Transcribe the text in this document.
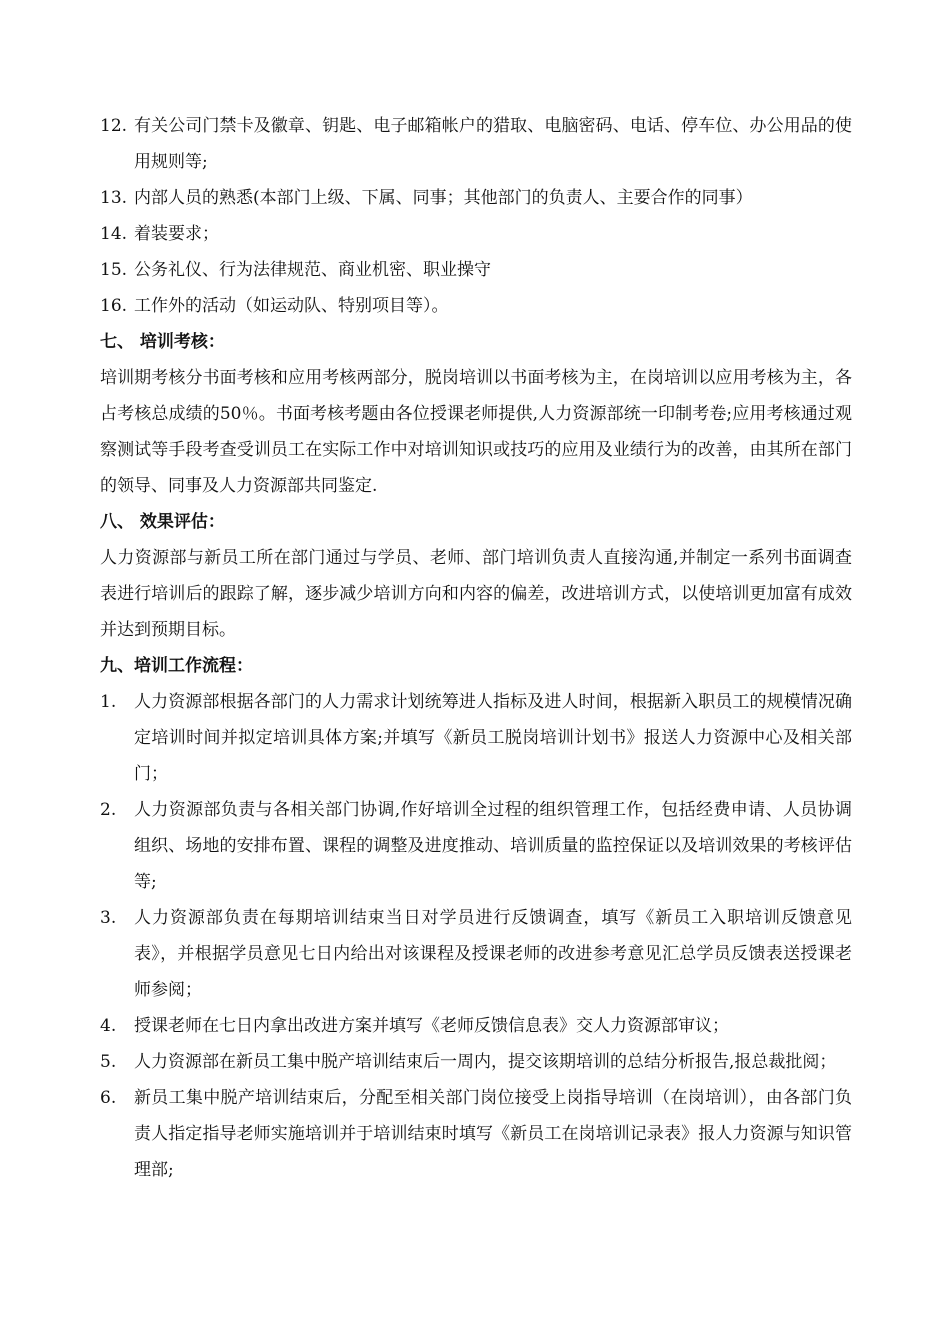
12. 有关公司门禁卡及徽章、钥匙、电子邮箱帐户的猎取、电脑密码、电话、停车位、办公用品的使用规则等;
13. 内部人员的熟悉(本部门上级、下属、同事；其他部门的负责人、主要合作的同事）
14. 着装要求；
15. 公务礼仪、行为法律规范、商业机密、职业操守
16. 工作外的活动（如运动队、特别项目等）。
七、 培训考核：
培训期考核分书面考核和应用考核两部分，脱岗培训以书面考核为主，在岗培训以应用考核为主，各占考核总成绩的50％。书面考核考题由各位授课老师提供,人力资源部统一印制考卷;应用考核通过观察测试等手段考查受训员工在实际工作中对培训知识或技巧的应用及业绩行为的改善，由其所在部门的领导、同事及人力资源部共同鉴定.
八、 效果评估：
人力资源部与新员工所在部门通过与学员、老师、部门培训负责人直接沟通,并制定一系列书面调查表进行培训后的跟踪了解，逐步减少培训方向和内容的偏差，改进培训方式，以使培训更加富有成效并达到预期目标。
九、培训工作流程：
1.	人力资源部根据各部门的人力需求计划统筹进人指标及进人时间，根据新入职员工的规模情况确定培训时间并拟定培训具体方案;并填写《新员工脱岗培训计划书》报送人力资源中心及相关部门；
2.	人力资源部负责与各相关部门协调,作好培训全过程的组织管理工作，包括经费申请、人员协调组织、场地的安排布置、课程的调整及进度推动、培训质量的监控保证以及培训效果的考核评估等;
3.	人力资源部负责在每期培训结束当日对学员进行反馈调查，填写《新员工入职培训反馈意见表》，并根据学员意见七日内给出对该课程及授课老师的改进参考意见汇总学员反馈表送授课老师参阅；
4.	授课老师在七日内拿出改进方案并填写《老师反馈信息表》交人力资源部审议；
5.	人力资源部在新员工集中脱产培训结束后一周内，提交该期培训的总结分析报告,报总裁批阅；
6.	新员工集中脱产培训结束后，分配至相关部门岗位接受上岗指导培训（在岗培训），由各部门负责人指定指导老师实施培训并于培训结束时填写《新员工在岗培训记录表》报人力资源与知识管理部;
